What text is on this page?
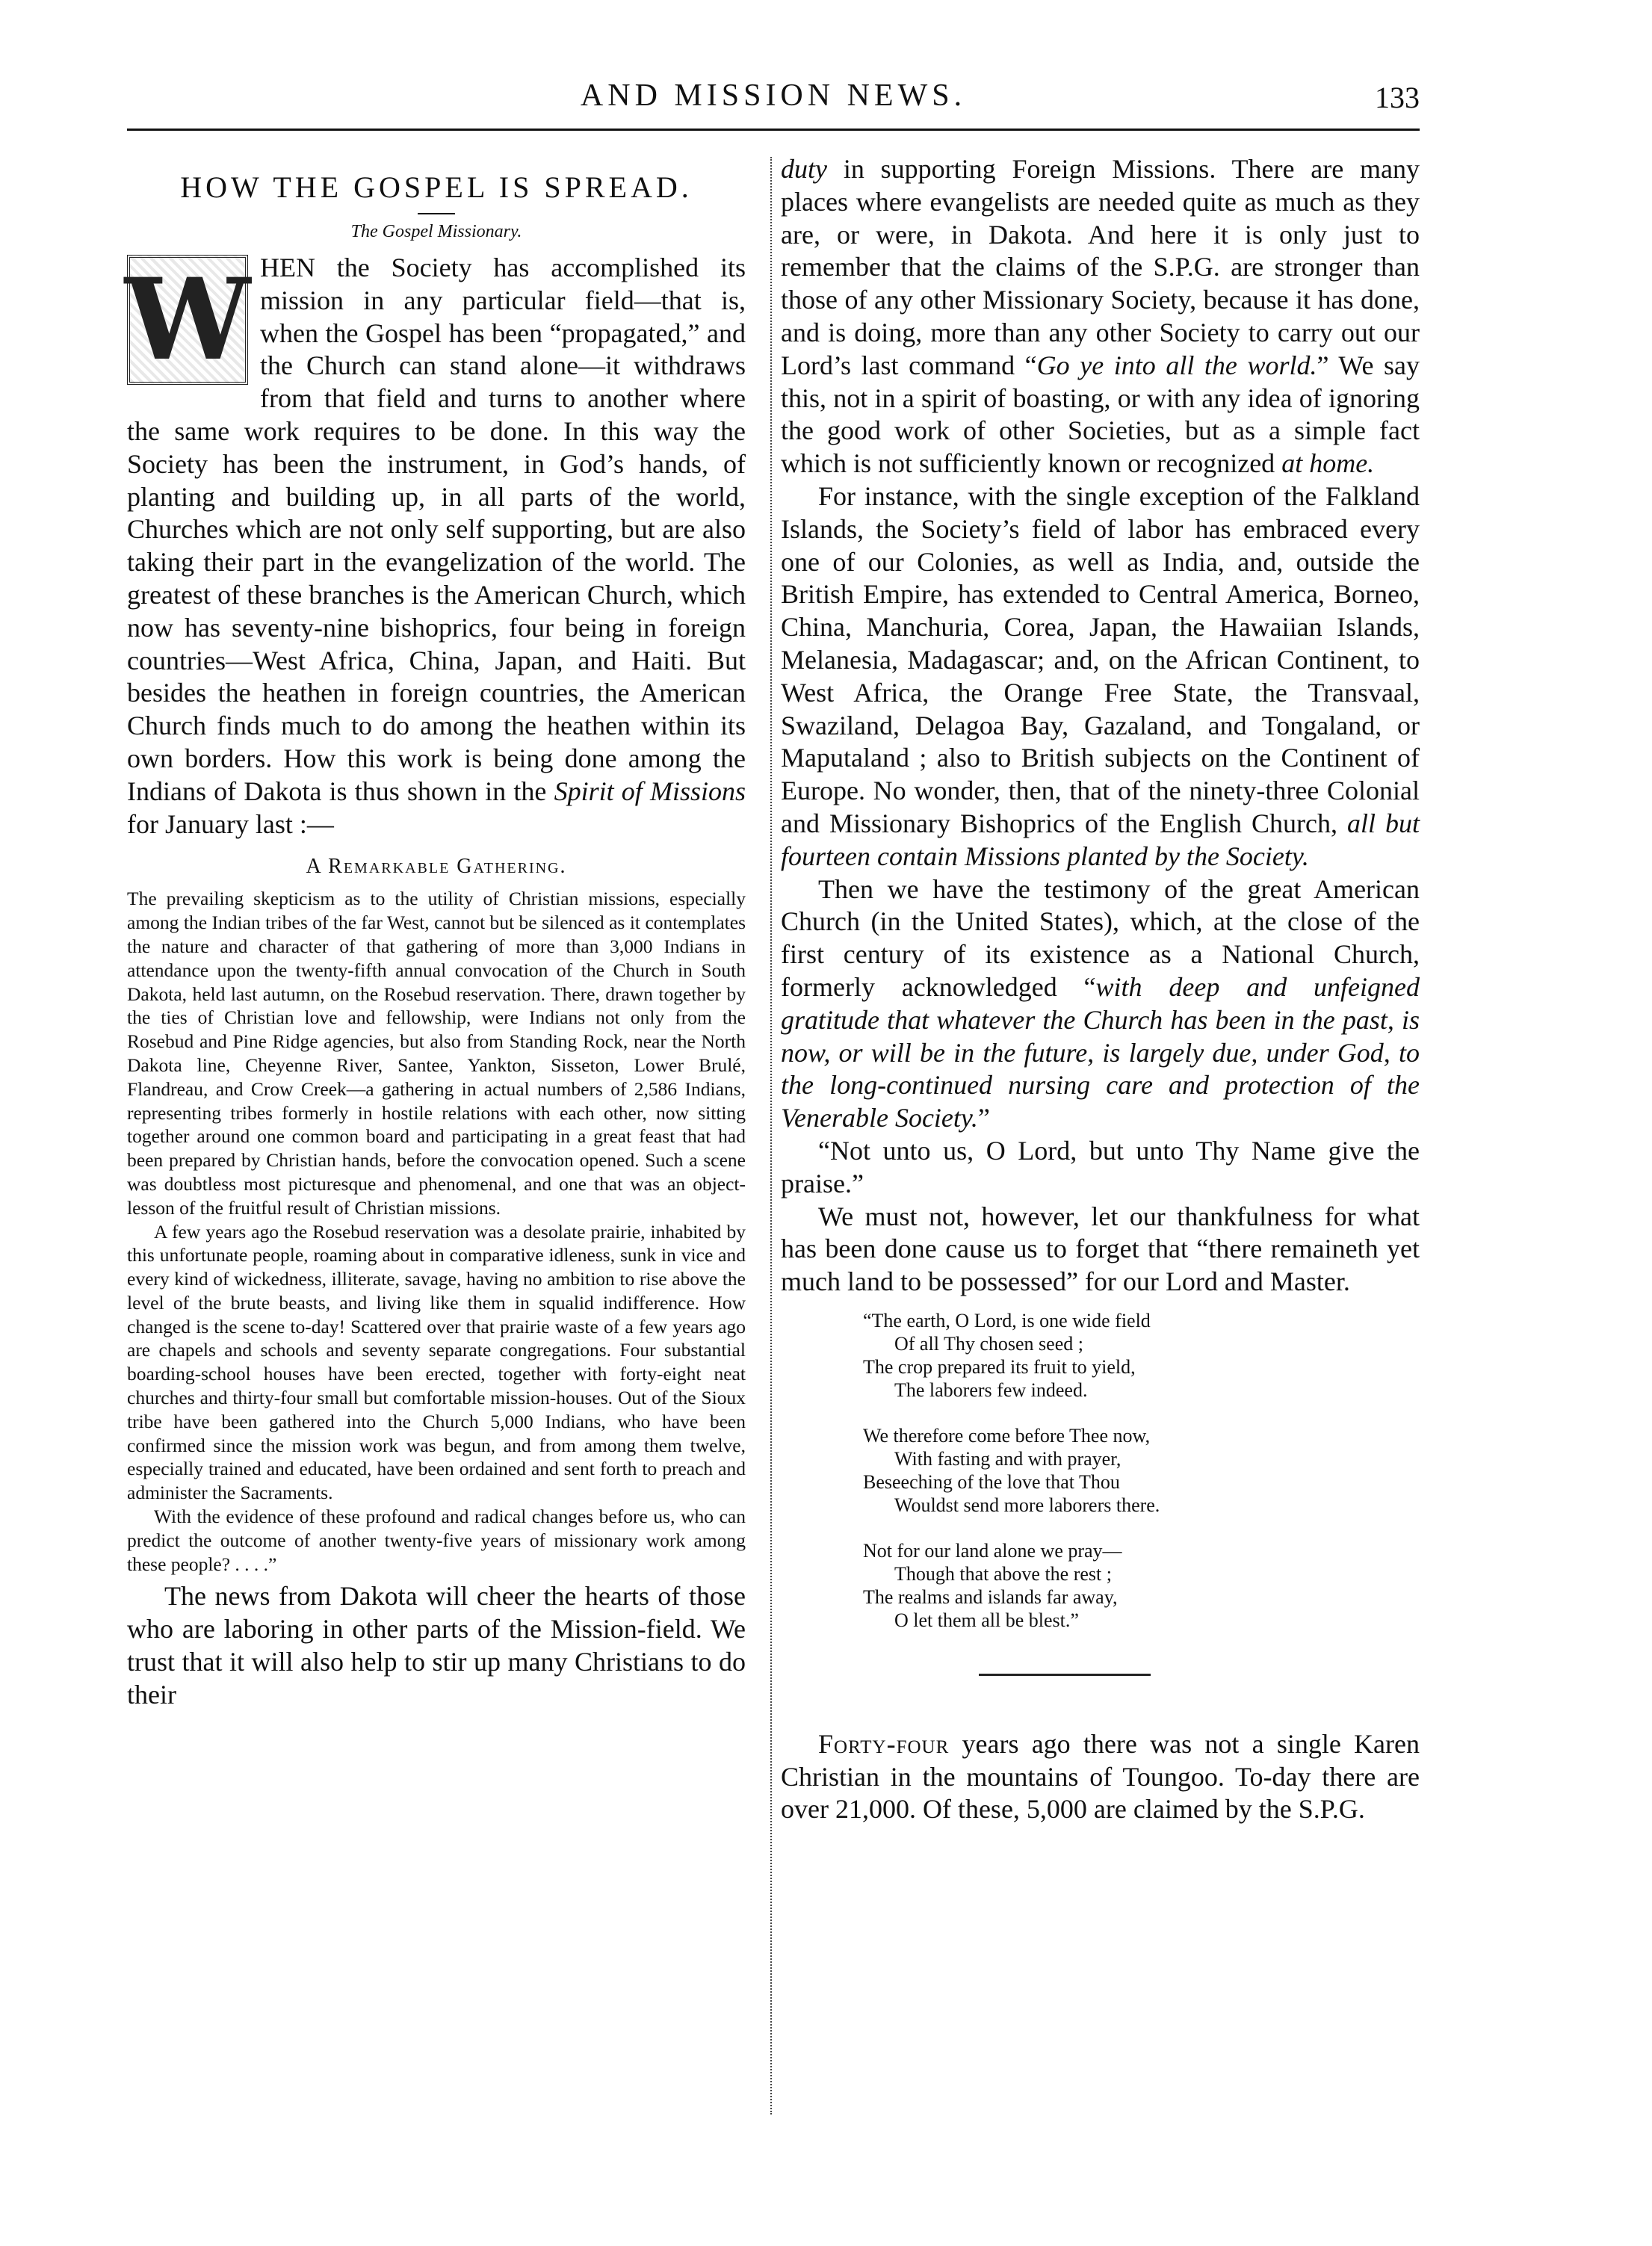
AND MISSION NEWS.	133
HOW THE GOSPEL IS SPREAD.
The Gospel Missionary.
W HEN the Society has accomplished its mission in any particular field—that is, when the Gospel has been “propagated,” and the Church can stand alone—it withdraws from that field and turns to another where the same work requires to be done. In this way the Society has been the instrument, in God’s hands, of planting and building up, in all parts of the world, Churches which are not only self supporting, but are also taking their part in the evangelization of the world. The greatest of these branches is the American Church, which now has seventy-nine bishoprics, four being in foreign countries—West Africa, China, Japan, and Haiti. But besides the heathen in foreign countries, the American Church finds much to do among the heathen within its own borders. How this work is being done among the Indians of Dakota is thus shown in the Spirit of Missions for January last :—

A Remarkable Gathering.

The prevailing skepticism as to the utility of Christian missions, especially among the Indian tribes of the far West, cannot but be silenced as it contemplates the nature and character of that gathering of more than 3,000 Indians in attendance upon the twenty-fifth annual convocation of the Church in South Dakota, held last autumn, on the Rosebud reservation. There, drawn together by the ties of Christian love and fellowship, were Indians not only from the Rosebud and Pine Ridge agencies, but also from Standing Rock, near the North Dakota line, Cheyenne River, Santee, Yankton, Sisseton, Lower Brulé, Flandreau, and Crow Creek—a gathering in actual numbers of 2,586 Indians, representing tribes formerly in hostile relations with each other, now sitting together around one common board and participating in a great feast that had been prepared by Christian hands, before the convocation opened. Such a scene was doubtless most picturesque and phenomenal, and one that was an object-lesson of the fruitful result of Christian missions.

A few years ago the Rosebud reservation was a desolate prairie, inhabited by this unfortunate people, roaming about in comparative idleness, sunk in vice and every kind of wickedness, illiterate, savage, having no ambition to rise above the level of the brute beasts, and living like them in squalid indifference. How changed is the scene to-day! Scattered over that prairie waste of a few years ago are chapels and schools and seventy separate congregations. Four substantial boarding-school houses have been erected, together with forty-eight neat churches and thirty-four small but comfortable mission-houses. Out of the Sioux tribe have been gathered into the Church 5,000 Indians, who have been confirmed since the mission work was begun, and from among them twelve, especially trained and educated, have been ordained and sent forth to preach and administer the Sacraments.

With the evidence of these profound and radical changes before us, who can predict the outcome of another twenty-five years of missionary work among these people? . . . .”

The news from Dakota will cheer the hearts of those who are laboring in other parts of the Mission-field. We trust that it will also help to stir up many Christians to do their

duty in supporting Foreign Missions. There are many places where evangelists are needed quite as much as they are, or were, in Dakota. And here it is only just to remember that the claims of the S.P.G. are stronger than those of any other Missionary Society, because it has done, and is doing, more than any other Society to carry out our Lord’s last command “Go ye into all the world.” We say this, not in a spirit of boasting, or with any idea of ignoring the good work of other Societies, but as a simple fact which is not sufficiently known or recognized at home.

For instance, with the single exception of the Falkland Islands, the Society’s field of labor has embraced every one of our Colonies, as well as India, and, outside the British Empire, has extended to Central America, Borneo, China, Manchuria, Corea, Japan, the Hawaiian Islands, Melanesia, Madagascar; and, on the African Continent, to West Africa, the Orange Free State, the Transvaal, Swaziland, Delagoa Bay, Gazaland, and Tongaland, or Maputaland ; also to British subjects on the Continent of Europe. No wonder, then, that of the ninety-three Colonial and Missionary Bishoprics of the English Church, all but fourteen contain Missions planted by the Society.

Then we have the testimony of the great American Church (in the United States), which, at the close of the first century of its existence as a National Church, formerly acknowledged “with deep and unfeigned gratitude that whatever the Church has been in the past, is now, or will be in the future, is largely due, under God, to the long-continued nursing care and protection of the Venerable Society.”

“Not unto us, O Lord, but unto Thy Name give the praise.”

We must not, however, let our thankfulness for what has been done cause us to forget that “there remaineth yet much land to be possessed” for our Lord and Master.

“The earth, O Lord, is one wide field
Of all Thy chosen seed ;
The crop prepared its fruit to yield,
The laborers few indeed.
We therefore come before Thee now,
With fasting and with prayer,
Beseeching of the love that Thou
Wouldst send more laborers there.
Not for our land alone we pray—
Though that above the rest ;
The realms and islands far away,
O let them all be blest.”

Forty-four years ago there was not a single Karen Christian in the mountains of Toungoo. To-day there are over 21,000. Of these, 5,000 are claimed by the S.P.G.
